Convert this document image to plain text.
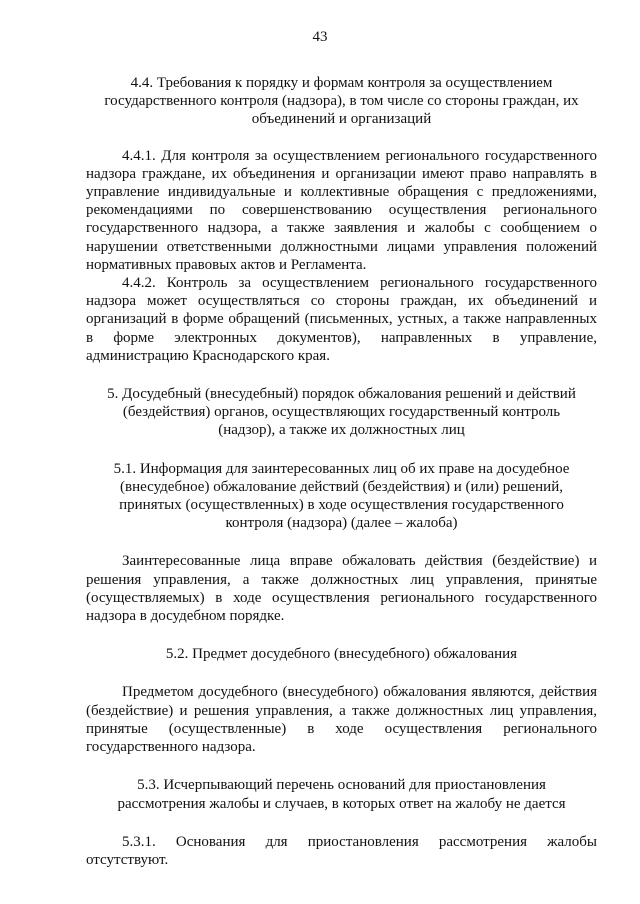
43

4.4. Требования к порядку и формам контроля за осуществлением государственного контроля (надзора), в том числе со стороны граждан, их объединений и организаций

4.4.1. Для контроля за осуществлением регионального государственного надзора граждане, их объединения и организации имеют право направлять в управление индивидуальные и коллективные обращения с предложениями, рекомендациями по совершенствованию осуществления регионального государственного надзора, а также заявления и жалобы с сообщением о нарушении ответственными должностными лицами управления положений нормативных правовых актов и Регламента.

4.4.2. Контроль за осуществлением регионального государственного надзора может осуществляться со стороны граждан, их объединений и организаций в форме обращений (письменных, устных, а также направленных в форме электронных документов), направленных в управление, администрацию Краснодарского края.

5. Досудебный (внесудебный) порядок обжалования решений и действий (бездействия) органов, осуществляющих государственный контроль (надзор), а также их должностных лиц

5.1. Информация для заинтересованных лиц об их праве на досудебное (внесудебное) обжалование действий (бездействия) и (или) решений, принятых (осуществленных) в ходе осуществления государственного контроля (надзора) (далее – жалоба)

Заинтересованные лица вправе обжаловать действия (бездействие) и решения управления, а также должностных лиц управления, принятые (осуществляемых) в ходе осуществления регионального государственного надзора в досудебном порядке.

5.2. Предмет досудебного (внесудебного) обжалования

Предметом досудебного (внесудебного) обжалования являются, действия (бездействие) и решения управления, а также должностных лиц управления, принятые (осуществленные) в ходе осуществления регионального государственного надзора.

5.3. Исчерпывающий перечень оснований для приостановления рассмотрения жалобы и случаев, в которых ответ на жалобу не дается

5.3.1. Основания для приостановления рассмотрения жалобы отсутствуют.
